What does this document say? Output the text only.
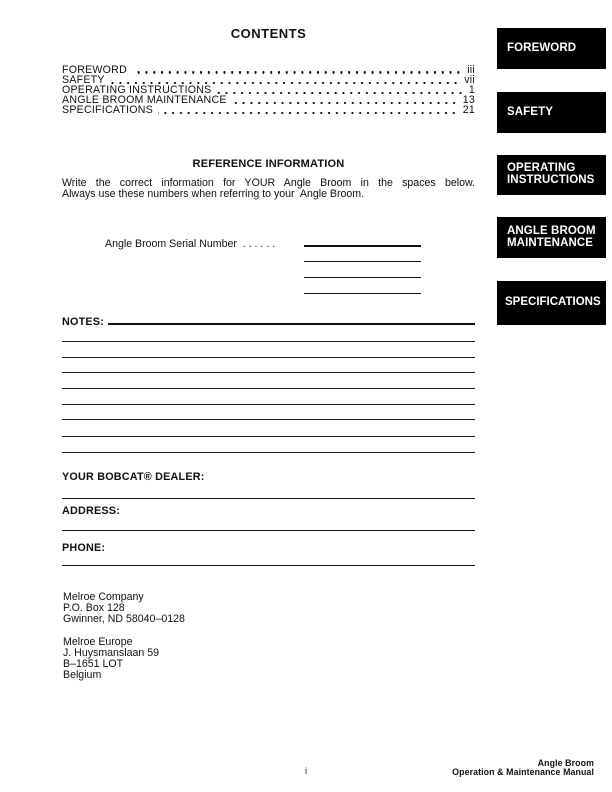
CONTENTS
FOREWORD	iii
SAFETY	vii
OPERATING INSTRUCTIONS	1
ANGLE BROOM MAINTENANCE	13
SPECIFICATIONS	21
REFERENCE INFORMATION
Write the correct information for YOUR Angle Broom in the spaces below.
Always use these numbers when referring to your  Angle Broom.
Angle Broom Serial Number  . . . . . .
NOTES:
YOUR BOBCAT® DEALER:
ADDRESS:
PHONE:
Melroe Company
P.O. Box 128
Gwinner, ND 58040–0128
Melroe Europe
J. Huysmanslaan 59
B–1651 LOT
Belgium
i
Angle Broom
Operation & Maintenance Manual
FOREWORD
SAFETY
OPERATING INSTRUCTIONS
ANGLE BROOM MAINTENANCE
SPECIFICATIONS
